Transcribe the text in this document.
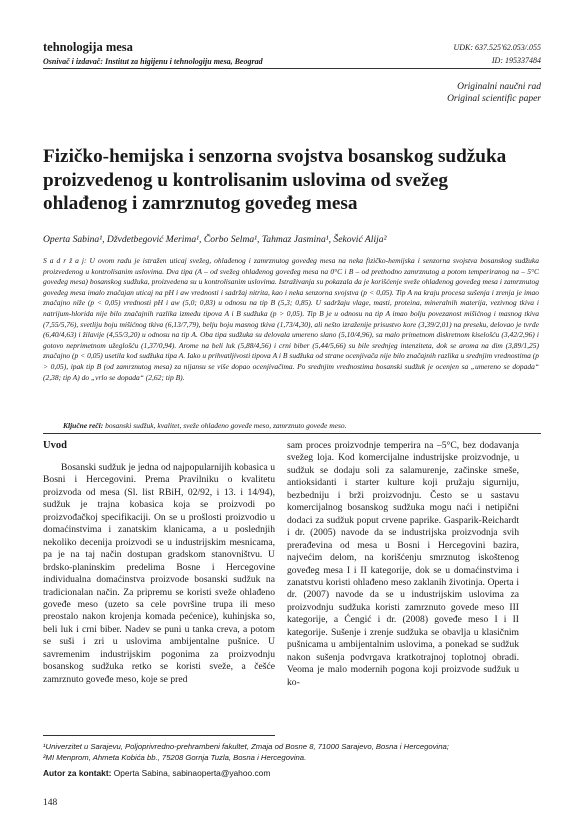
tehnologija mesa
Osnivač i izdavač: Institut za higijenu i tehnologiju mesa, Beograd
UDK: 637.525'62.053/.055
ID: 195337484
Originalni naučni rad
Original scientific paper
Fizičko-hemijska i senzorna svojstva bosanskog sudžuka proizvedenog u kontrolisanim uslovima od svežeg ohlađenog i zamrznutog goveđeg mesa
Operta Sabina¹, Džvdetbegović Merima¹, Čorbo Selma¹, Tahmaz Jasmina¹, Šeković Alija²
S a d r ž a j: U ovom radu je istražen uticaj svežeg, ohlađenog i zamrznutog goveđeg mesa na neka fizičko-hemijska i senzorna svojstva bosanskog sudžuka proizvedenog u kontrolisanim uslovima. Dva tipa (A – od svežeg ohlađenog goveđeg mesa na 0°C i B – od prethodno zamrznutog a potom temperiranog na – 5°C goveđeg mesa) bosanskog sudžuka, proizvedena su u kontrolisanim uslovima. Istraživanja su pokazala da je korišćenje sveže ohlađenog goveđeg mesa i zamrznutog goveđeg mesa imalo značajan uticaj na pH i aw vrednosti i sadržaj nitrita, kao i neka senzorna svojstva (p < 0,05). Tip A na kraju procesa sušenja i zrenja je imao značajno niže (p < 0,05) vrednosti pH i aw (5,0; 0,83) u odnosu na tip B (5,3; 0,85). U sadržaju vlage, masti, proteina, mineralnih materija, vezivnog tkiva i natrijum-hlorida nije bilo značajnih razlika između tipova A i B sudžuka (p > 0,05). Tip B je u odnosu na tip A imao bolju povezanost mišićnog i masnog tkiva (7,55/5,76), svetliju boju mišićnog tkiva (6,13/7,79), belju boju masnog tkiva (1,73/4,30), ali nešto izraženije prisustvo kore (3,39/2,01) na preseku, delovao je tvrđe (6,40/4,63) i žilavije (4,55/3,20) u odnosu na tip A. Oba tipa sudžuka su delovala umereno slano (5,10/4,96), sa malo primetnom diskretnom kiselošću (3,42/2,96) i gotovo neprimetnom užeglošću (1,37/0,94). Arome na beli luk (5,88/4,56) i crni biber (5,44/5,66) su bile srednjeg intenziteta, dok se aroma na dim (3,89/1,25) značajno (p < 0,05) usetila kod sudžuka tipa A. Iako u prihvatljivosti tipova A i B sudžuka od strane ocenjivača nije bilo značajnih razlika u srednjim vrednostima (p > 0,05), ipak tip B (od zamrznutog mesa) za nijansu se više dopao ocenjivačima. Po srednjim vrednostima bosanski sudžuk je ocenjen sa „umereno se dopada“ (2,38; tip A) do „vrlo se dopada“ (2,62; tip B).
Ključne reči: bosanski sudžuk, kvalitet, sveže ohlađeno goveđe meso, zamrznuto goveđe meso.
Uvod

Bosanski sudžuk je jedna od najpopularnijih kobasica u Bosni i Hercegovini. Prema Pravilniku o kvalitetu proizvoda od mesa (Sl. list RBiH, 02/92, i 13. i 14/94), sudžuk je trajna kobasica koja se proizvodi po proizvođačkoj specifikaciji. On se u prošlosti proizvodio u domaćinstvima i zanatskim klanicama, a u poslednjih nekoliko decenija proizvodi se u industrijskim mesnicama, pa je na taj način dostupan gradskom stanovništvu. U brdsko-planinskim predelima Bosne i Hercegovine individualna domaćinstva proizvode bosanski sudžuk na tradicionalan način. Za pripremu se koristi sveže ohlađeno goveđe meso (uzeto sa cele površine trupa ili meso preostalo nakon krojenja komada pećenice), kuhinjska so, beli luk i crni biber. Nadev se puni u tanka creva, a potom se suši i zri u uslovima ambijentalne pušnice. U savremenim industrijskim pogonima za proizvodnju bosanskog sudžuka retko se koristi sveže, a češće zamrznuto goveđe meso, koje se pred

sam proces proizvodnje temperira na –5°C, bez dodavanja svežeg loja. Kod komercijalne industrijske proizvodnje, u sudžuk se dodaju soli za salamurenje, začinske smeše, antioksidanti i starter kulture koji pružaju sigurniju, bezbedniju i brži proizvodnju. Često se u sastavu komercijalnog bosanskog sudžuka mogu naći i netipični dodaci za sudžuk poput crvene paprike. Gasparik-Reichardt i dr. (2005) navode da se industrijska proizvodnja svih prerađevina od mesa u Bosni i Hercegovini bazira, najvećim delom, na korišćenju smrznutog iskoštenog goveđeg mesa I i II kategorije, dok se u domaćinstvima i zanatstvu koristi ohlađeno meso zaklanih životinja. Operta i dr. (2007) navode da se u industrijskim uslovima za proizvodnju sudžuka koristi zamrznuto govede meso III kategorije, a Ćengić i dr. (2008) goveđe meso I i II kategorije. Sušenje i zrenje sudžuka se obavlja u klasičnim pušnicama u ambijentalnim uslovima, a ponekad se sudžuk nakon sušenja podvrgava kratkotrajnoj toplotnoj obradi. Veoma je malo modernih pogona koji proizvode sudžuk u ko-

¹Univerzitet u Sarajevu, Poljoprivredno-prehrambeni fakultet, Zmaja od Bosne 8, 71000 Sarajevo, Bosna i Hercegovina;
²MI Menprom, Ahmeta Kobića bb., 75208 Gornja Tuzla, Bosna i Hercegovina.
Autor za kontakt: Operta Sabina, sabinaoperta@yahoo.com
148
